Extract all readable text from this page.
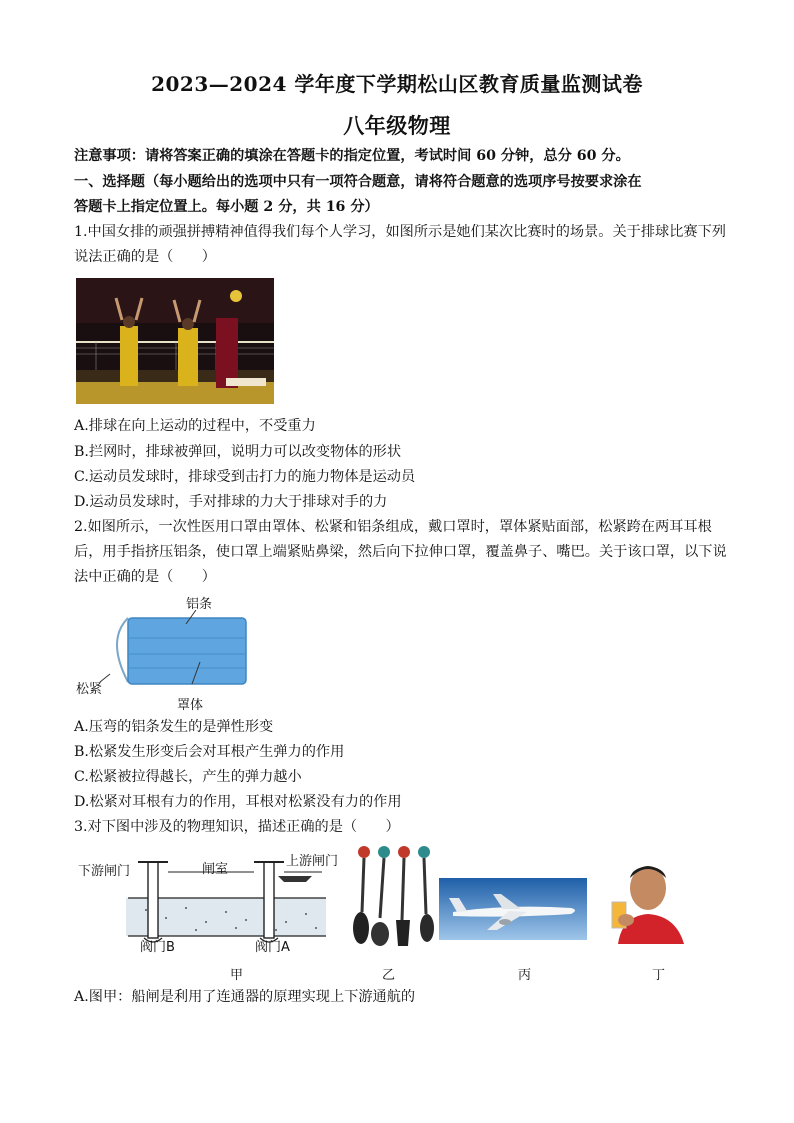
2023—2024 学年度下学期松山区教育质量监测试卷
八年级物理
注意事项：请将答案正确的填涂在答题卡的指定位置，考试时间 60 分钟，总分 60 分。
一、选择题（每小题给出的选项中只有一项符合题意，请将符合题意的选项序号按要求涂在
答题卡上指定位置上。每小题 2 分，共 16 分）
1.中国女排的顽强拼搏精神值得我们每个人学习，如图所示是她们某次比赛时的场景。关于排球比赛下列
说法正确的是（　　）
A.排球在向上运动的过程中，不受重力
B.拦网时，排球被弹回，说明力可以改变物体的形状
C.运动员发球时，排球受到击打力的施力物体是运动员
D.运动员发球时，手对排球的力大于排球对手的力
2.如图所示，一次性医用口罩由罩体、松紧和铝条组成，戴口罩时，罩体紧贴面部，松紧跨在两耳耳根
后，用手指挤压铝条，使口罩上端紧贴鼻梁，然后向下拉伸口罩，覆盖鼻子、嘴巴。关于该口罩，以下说
法中正确的是（　　）
铝条
松紧
罩体
A.压弯的铝条发生的是弹性形变
B.松紧发生形变后会对耳根产生弹力的作用
C.松紧被拉得越长，产生的弹力越小
D.松紧对耳根有力的作用，耳根对松紧没有力的作用
3.对下图中涉及的物理知识，描述正确的是（　　）
下游闸门	闸室
上游闸门
阀门B	阀门A
甲	乙	丙	丁
A.图甲：船闸是利用了连通器的原理实现上下游通航的
